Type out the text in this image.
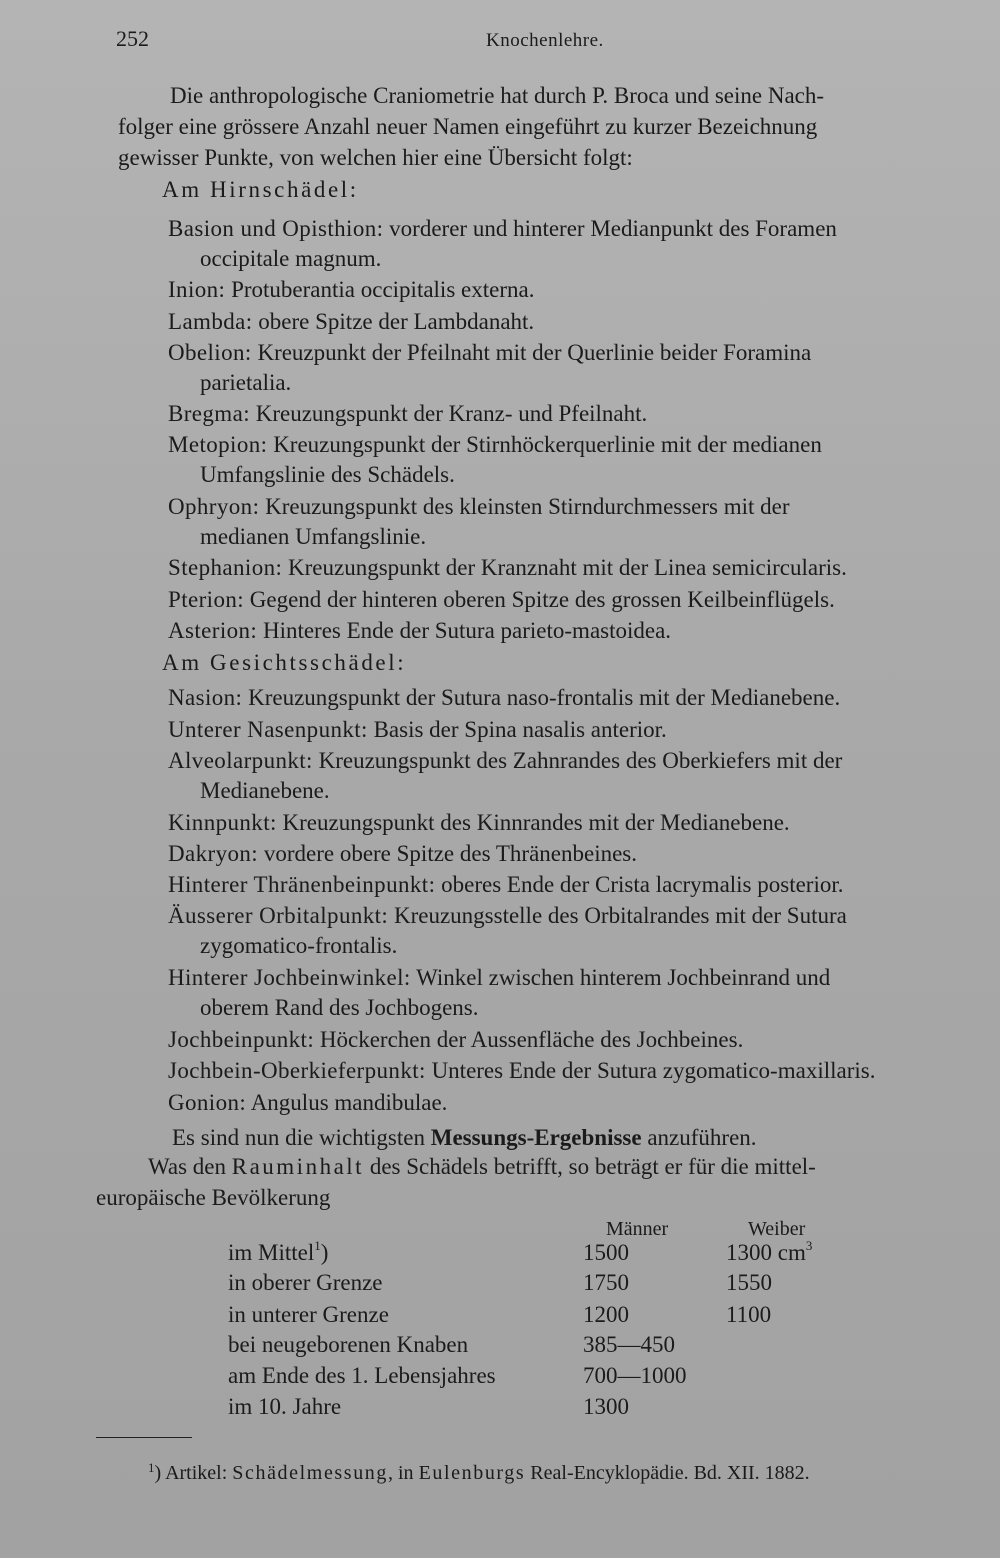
252	Knochenlehre.
Die anthropologische Craniometrie hat durch P. Broca und seine Nach-
folger eine grössere Anzahl neuer Namen eingeführt zu kurzer Bezeichnung
gewisser Punkte, von welchen hier eine Übersicht folgt:
Am Hirnschädel:
Basion und Opisthion: vorderer und hinterer Medianpunkt des Foramen
occipitale magnum.
Inion: Protuberantia occipitalis externa.
Lambda: obere Spitze der Lambdanaht.
Obelion: Kreuzpunkt der Pfeilnaht mit der Querlinie beider Foramina
parietalia.
Bregma: Kreuzungspunkt der Kranz- und Pfeilnaht.
Metopion: Kreuzungspunkt der Stirnhöckerquerlinie mit der medianen
Umfangslinie des Schädels.
Ophryon: Kreuzungspunkt des kleinsten Stirndurchmessers mit der
medianen Umfangslinie.
Stephanion: Kreuzungspunkt der Kranznaht mit der Linea semicircularis.
Pterion: Gegend der hinteren oberen Spitze des grossen Keilbeinflügels.
Asterion: Hinteres Ende der Sutura parieto-mastoidea.
Am Gesichtsschädel:
Nasion: Kreuzungspunkt der Sutura naso-frontalis mit der Medianebene.
Unterer Nasenpunkt: Basis der Spina nasalis anterior.
Alveolarpunkt: Kreuzungspunkt des Zahnrandes des Oberkiefers mit der
Medianebene.
Kinnpunkt: Kreuzungspunkt des Kinnrandes mit der Medianebene.
Dakryon: vordere obere Spitze des Thränenbeines.
Hinterer Thränenbeinpunkt: oberes Ende der Crista lacrymalis posterior.
Äusserer Orbitalpunkt: Kreuzungsstelle des Orbitalrandes mit der Sutura
zygomatico-frontalis.
Hinterer Jochbeinwinkel: Winkel zwischen hinterem Jochbeinrand und
oberem Rand des Jochbogens.
Jochbeinpunkt: Höckerchen der Aussenfläche des Jochbeines.
Jochbein-Oberkieferpunkt: Unteres Ende der Sutura zygomatico-maxillaris.
Gonion: Angulus mandibulae.
Es sind nun die wichtigsten Messungs-Ergebnisse anzuführen.
Was den Rauminhalt des Schädels betrifft, so beträgt er für die mittel-
europäische Bevölkerung
Männer	Weiber
im Mittel$^1$)	1500	1300 $cm^3$
in oberer Grenze	1750	1550
in unterer Grenze	1200	1100
bei neugeborenen Knaben	385—450
am Ende des 1. Lebensjahres	700—1000
im 10. Jahre	1300
$^1$) Artikel: Schädelmessung, in Eulenburgs Real-Encyklopädie. Bd. XII. 1882.
